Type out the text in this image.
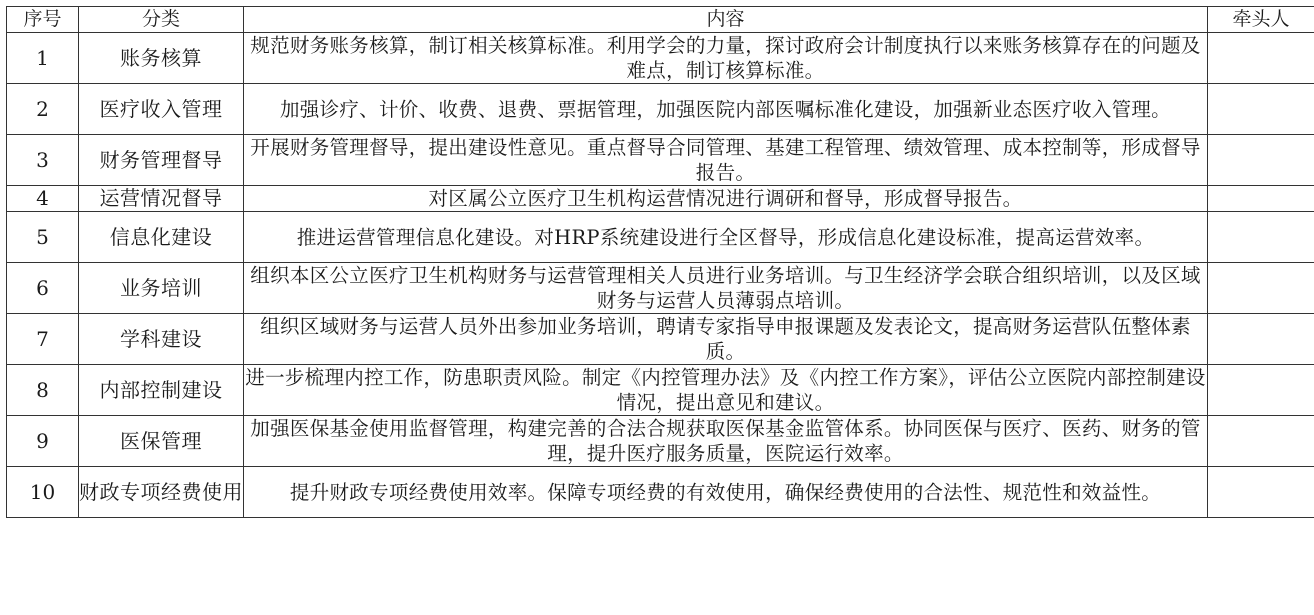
序号	分类	内容	牵头人
1	账务核算	规范财务账务核算，制订相关核算标准。利用学会的力量，探讨政府会计制度执行以来账务核算存在的问题及难点，制订核算标准。	
2	医疗收入管理	加强诊疗、计价、收费、退费、票据管理，加强医院内部医嘱标准化建设，加强新业态医疗收入管理。	
3	财务管理督导	开展财务管理督导，提出建设性意见。重点督导合同管理、基建工程管理、绩效管理、成本控制等，形成督导报告。	
4	运营情况督导	对区属公立医疗卫生机构运营情况进行调研和督导，形成督导报告。	
5	信息化建设	推进运营管理信息化建设。对HRP系统建设进行全区督导，形成信息化建设标准，提高运营效率。	
6	业务培训	组织本区公立医疗卫生机构财务与运营管理相关人员进行业务培训。与卫生经济学会联合组织培训，以及区域财务与运营人员薄弱点培训。	
7	学科建设	组织区域财务与运营人员外出参加业务培训，聘请专家指导申报课题及发表论文，提高财务运营队伍整体素质。	
8	内部控制建设	进一步梳理内控工作，防患职责风险。制定《内控管理办法》及《内控工作方案》，评估公立医院内部控制建设情况，提出意见和建议。	
9	医保管理	加强医保基金使用监督管理，构建完善的合法合规获取医保基金监管体系。协同医保与医疗、医药、财务的管理，提升医疗服务质量，医院运行效率。	
10	财政专项经费使用	提升财政专项经费使用效率。保障专项经费的有效使用，确保经费使用的合法性、规范性和效益性。	
